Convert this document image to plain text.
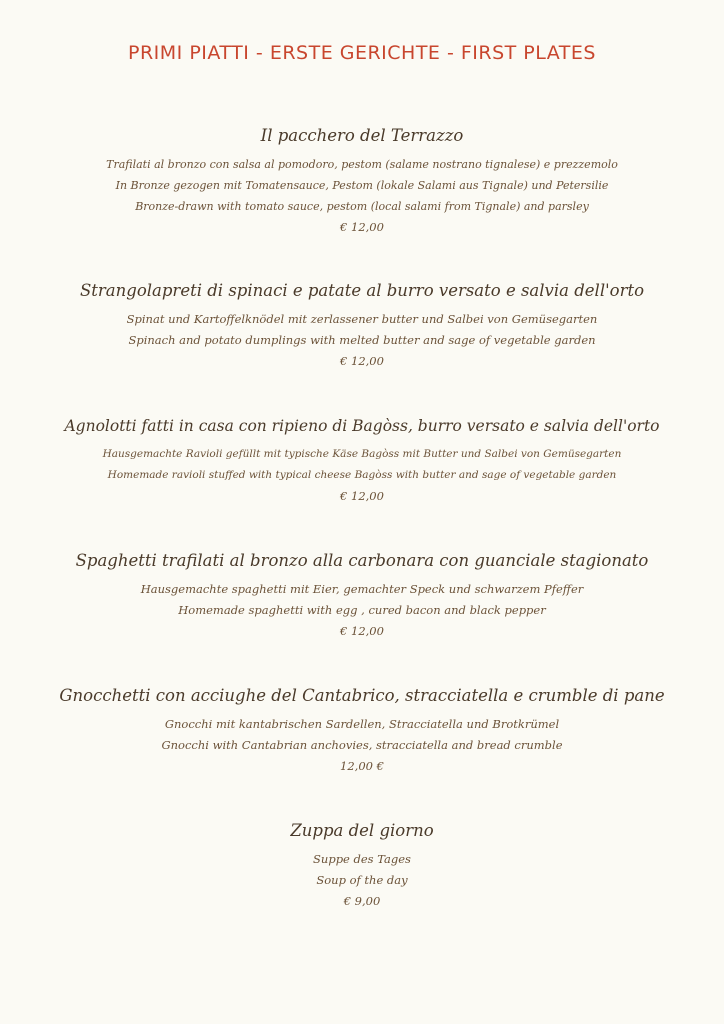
PRIMI PIATTI - ERSTE GERICHTE - FIRST PLATES
Il pacchero del Terrazzo
Trafilati al bronzo con salsa al pomodoro, pestom (salame nostrano tignalese) e prezzemolo
In Bronze gezogen mit Tomatensauce, Pestom (lokale Salami aus Tignale) und Petersilie
Bronze-drawn with tomato sauce, pestom (local salami from Tignale) and parsley
€ 12,00
Strangolapreti di spinaci e patate al burro versato e salvia dell'orto
Spinat und Kartoffelknödel mit zerlassener butter und Salbei von Gemüsegarten
Spinach and potato dumplings with melted butter and sage of vegetable garden
€ 12,00
Agnolotti fatti in casa con ripieno di Bagòss, burro versato e salvia dell'orto
Hausgemachte Ravioli gefüllt mit typische Käse Bagòss mit Butter und Salbei von Gemüsegarten
Homemade ravioli stuffed with typical cheese Bagòss with butter and sage of vegetable garden
€ 12,00
Spaghetti trafilati al bronzo alla carbonara con guanciale stagionato
Hausgemachte spaghetti mit Eier, gemachter Speck und schwarzem Pfeffer
Homemade spaghetti with egg , cured bacon and black pepper
€ 12,00
Gnocchetti con acciughe del Cantabrico, stracciatella e crumble di pane
Gnocchi mit kantabrischen Sardellen, Stracciatella und Brotkrümel
Gnocchi with Cantabrian anchovies, stracciatella and bread crumble
12,00 €
Zuppa del giorno
Suppe des Tages
Soup of the day
€ 9,00
